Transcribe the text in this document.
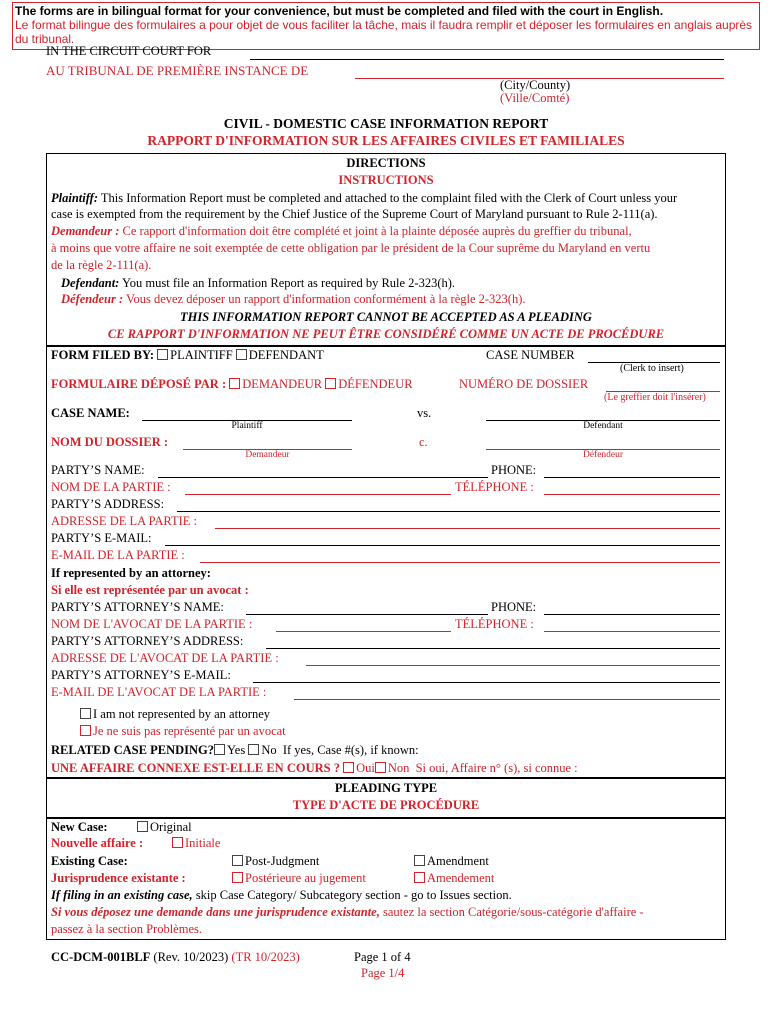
The forms are in bilingual format for your convenience, but must be completed and filed with the court in English.
Le format bilingue des formulaires a pour objet de vous faciliter la tâche, mais il faudra remplir et déposer les formulaires en anglais auprès du tribunal.
IN THE CIRCUIT COURT FOR
AU TRIBUNAL DE PREMIÈRE INSTANCE DE
(City/County)
(Ville/Comté)
CIVIL - DOMESTIC CASE INFORMATION REPORT
RAPPORT D'INFORMATION SUR LES AFFAIRES CIVILES ET FAMILIALES
DIRECTIONS
INSTRUCTIONS
Plaintiff: This Information Report must be completed and attached to the complaint filed with the Clerk of Court unless your
case is exempted from the requirement by the Chief Justice of the Supreme Court of Maryland pursuant to Rule 2-111(a).
Demandeur : Ce rapport d'information doit être complété et joint à la plainte déposée auprès du greffier du tribunal,
à moins que votre affaire ne soit exemptée de cette obligation par le président de la Cour suprême du Maryland en vertu
de la règle 2-111(a).
Defendant: You must file an Information Report as required by Rule 2-323(h).
Défendeur : Vous devez déposer un rapport d'information conformément à la règle 2-323(h).
THIS INFORMATION REPORT CANNOT BE ACCEPTED AS A PLEADING
CE RAPPORT D'INFORMATION NE PEUT ÊTRE CONSIDÉRÉ COMME UN ACTE DE PROCÉDURE
FORM FILED BY: PLAINTIFF DEFENDANT	CASE NUMBER
(Clerk to insert)
FORMULAIRE DÉPOSÉ PAR : DEMANDEUR DÉFENDEUR	NUMÉRO DE DOSSIER
(Le greffier doit l'insérer)
CASE NAME:
Plaintiff
vs.
Defendant
NOM DU DOSSIER :
Demandeur
c.
Défendeur
PARTY’S NAME:	PHONE:
NOM DE LA PARTIE :	TÉLÉPHONE :
PARTY’S ADDRESS:
ADRESSE DE LA PARTIE :
PARTY’S E-MAIL:
E-MAIL DE LA PARTIE :
If represented by an attorney:
Si elle est représentée par un avocat :
PARTY’S ATTORNEY’S NAME:	PHONE:
NOM DE L'AVOCAT DE LA PARTIE :	TÉLÉPHONE :
PARTY’S ATTORNEY’S ADDRESS:
ADRESSE DE L'AVOCAT DE LA PARTIE :
PARTY’S ATTORNEY’S E-MAIL:
E-MAIL DE L'AVOCAT DE LA PARTIE :
I am not represented by an attorney
Je ne suis pas représenté par un avocat
RELATED CASE PENDING? Yes No If yes, Case #(s), if known:
UNE AFFAIRE CONNEXE EST-ELLE EN COURS ? Oui Non Si oui, Affaire n° (s), si connue :
PLEADING TYPE
TYPE D'ACTE DE PROCÉDURE
New Case:	Original
Nouvelle affaire :	Initiale
Existing Case:	Post-Judgment	Amendment
Jurisprudence existante :	Postérieure au jugement	Amendement
If filing in an existing case, skip Case Category/ Subcategory section - go to Issues section.
Si vous déposez une demande dans une jurisprudence existante, sautez la section Catégorie/sous-catégorie d'affaire -
passez à la section Problèmes.
CC-DCM-001BLF (Rev. 10/2023) (TR 10/2023)	Page 1 of 4
Page 1/4
